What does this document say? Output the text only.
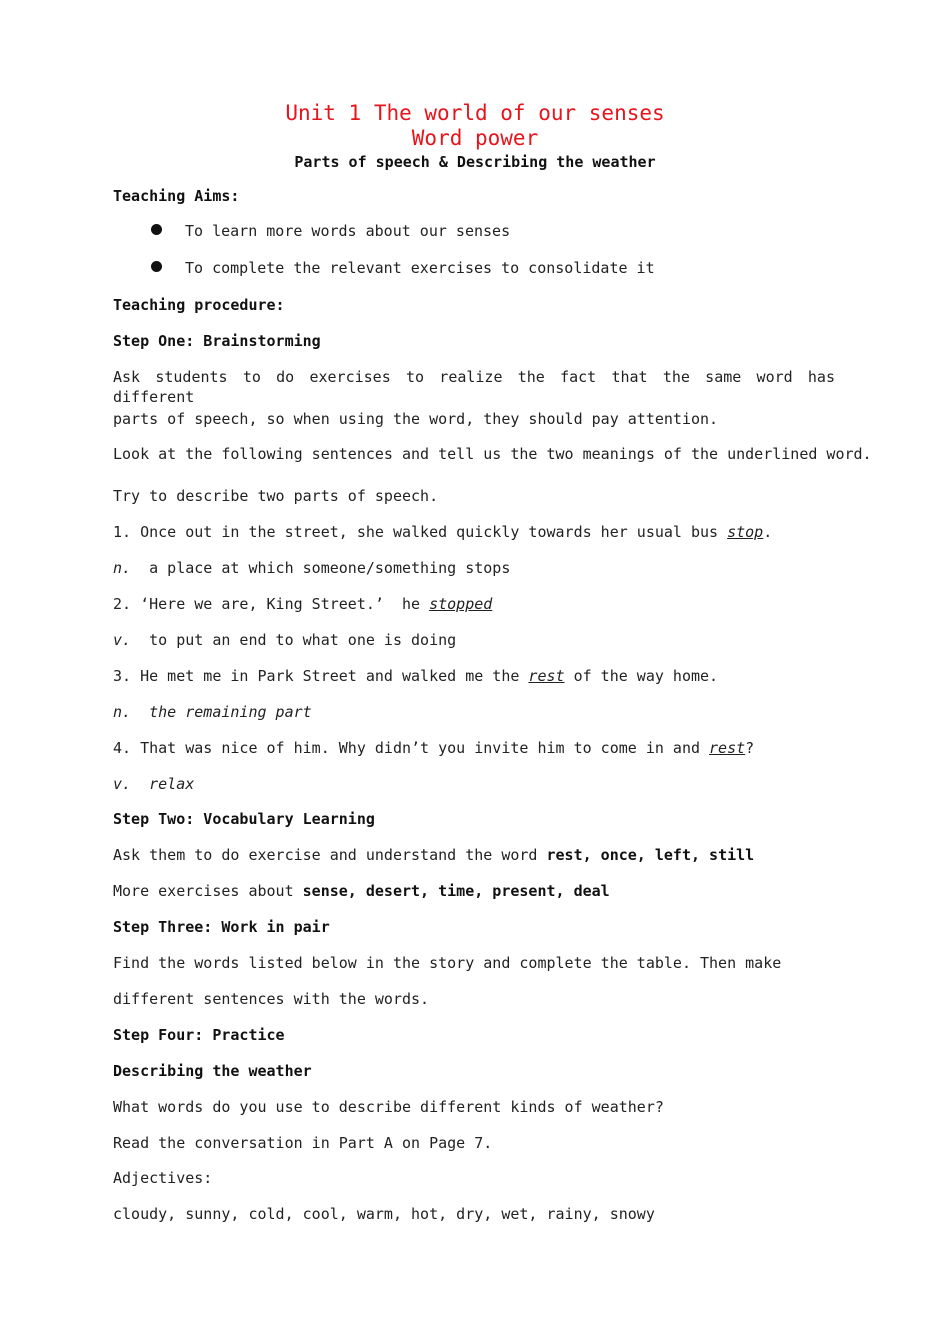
Unit 1 The world of our senses
Word power
Parts of speech & Describing the weather
Teaching Aims:
To learn more words about our senses
To complete the relevant exercises to consolidate it
Teaching procedure:
Step One: Brainstorming
Ask students to do exercises to realize the fact that the same word has different
parts of speech, so when using the word, they should pay attention.
Look at the following sentences and tell us the two meanings of the underlined word.
Try to describe two parts of speech.
1. Once out in the street, she walked quickly towards her usual bus stop.
n. a place at which someone/something stops
2. ‘Here we are, King Street.’  he stopped
v. to put an end to what one is doing
3. He met me in Park Street and walked me the rest of the way home.
n. the remaining part
4. That was nice of him. Why didn’t you invite him to come in and rest?
v. relax
Step Two: Vocabulary Learning
Ask them to do exercise and understand the word rest, once, left, still
More exercises about sense, desert, time, present, deal
Step Three: Work in pair
Find the words listed below in the story and complete the table. Then make
different sentences with the words.
Step Four: Practice
Describing the weather
What words do you use to describe different kinds of weather?
Read the conversation in Part A on Page 7.
Adjectives:
cloudy, sunny, cold, cool, warm, hot, dry, wet, rainy, snowy
